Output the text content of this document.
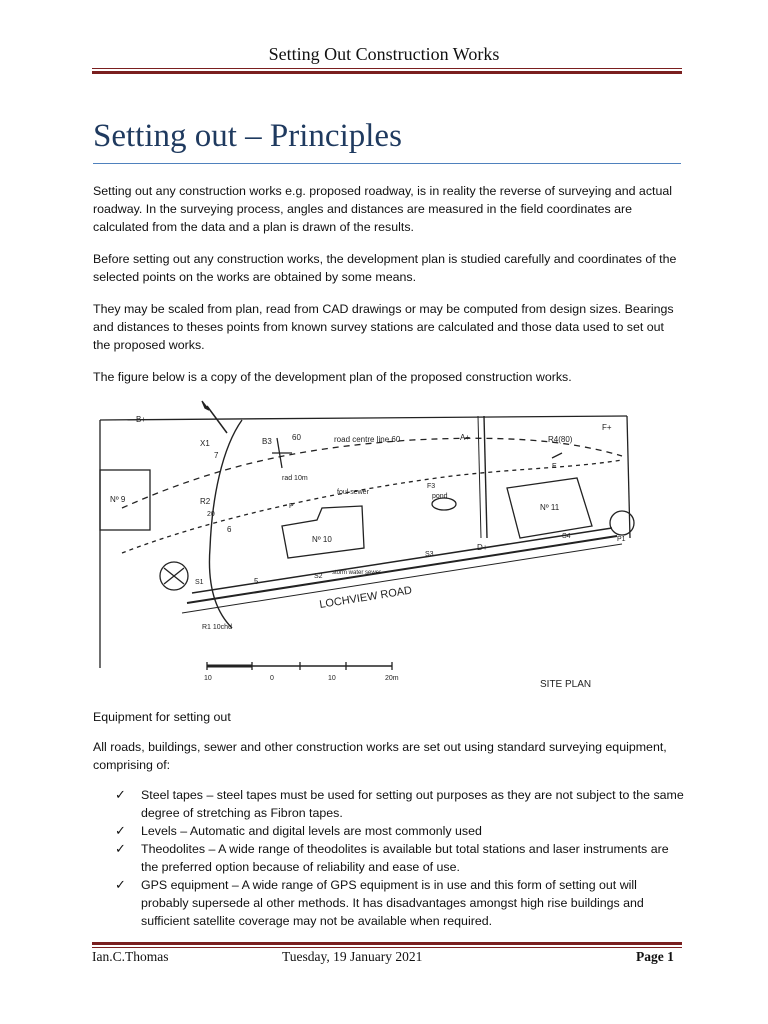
Setting Out Construction Works
Setting out – Principles
Setting out any construction works e.g. proposed roadway, is in reality the reverse of surveying and actual roadway. In the surveying process, angles and distances are measured in the field coordinates are calculated from the data and a plan is drawn of the results.
Before setting out any construction works, the development plan is studied carefully and coordinates of the selected points on the works are obtained by some means.
They may be scaled from plan, read from CAD drawings or may be computed from design sizes. Bearings and distances to theses points from known survey stations are calculated and those data used to set out the proposed works.
The figure below is a copy of the development plan of the proposed construction works.
B+
X1	B3	60	road centre line 60	A+	R4(80)
F+
rad 10m
foul sewer
pond
Nº 9
Nº 10
Nº 11
R2
20
F3
S4
S1
S2
S3
D+
P
E
P1
5
6
7
storm water sewer
LOCHVIEW ROAD
R1 10chd
10	0	10	20m
SITE PLAN
Equipment for setting out
All roads, buildings, sewer and other construction works are set out using standard surveying equipment, comprising of:
✓ Steel tapes – steel tapes must be used for setting out purposes as they are not subject to the same degree of stretching as Fibron tapes.
✓ Levels – Automatic and digital levels are most commonly used
✓ Theodolites – A wide range of theodolites is available but total stations and laser instruments are the preferred option because of reliability and ease of use.
✓ GPS equipment – A wide range of GPS equipment is in use and this form of setting out will probably supersede al other methods. It has disadvantages amongst high rise buildings and sufficient satellite coverage may not be available when required.
Ian.C.Thomas	Tuesday, 19 January 2021	Page 1
